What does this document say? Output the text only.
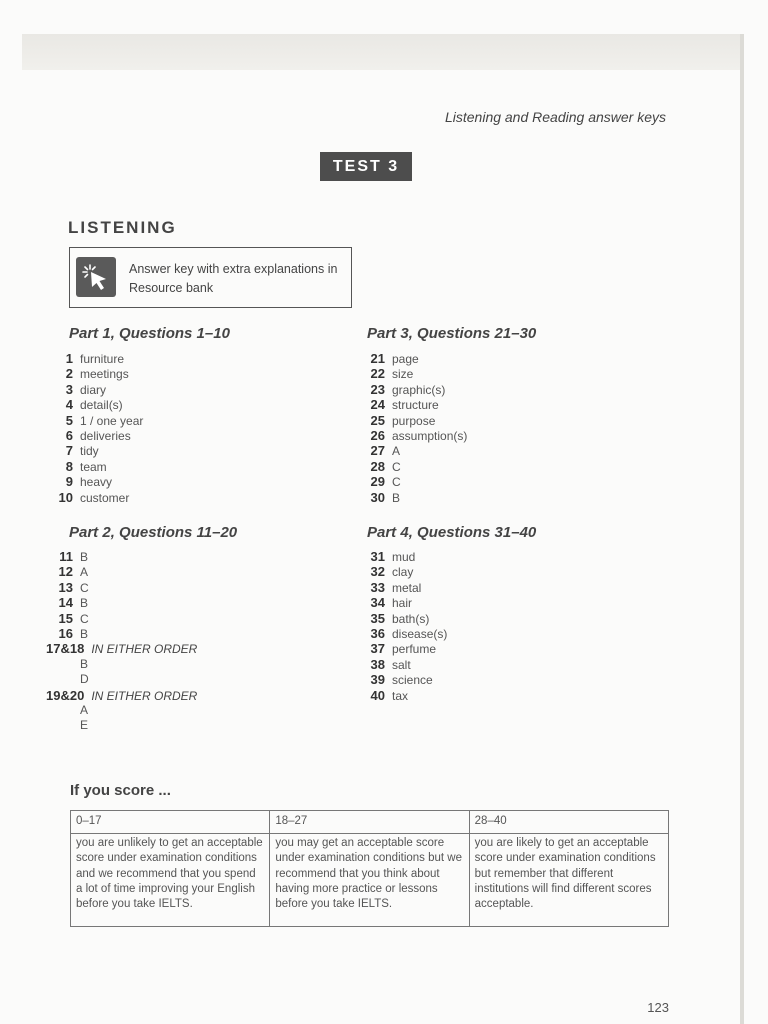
Listening and Reading answer keys
TEST 3
LISTENING
Answer key with extra explanations in Resource bank
Part 1, Questions 1–10
1 furniture
2 meetings
3 diary
4 detail(s)
5 1 / one year
6 deliveries
7 tidy
8 team
9 heavy
10 customer
Part 2, Questions 11–20
11 B
12 A
13 C
14 B
15 C
16 B
17&18 IN EITHER ORDER
B
D
19&20 IN EITHER ORDER
A
E
Part 3, Questions 21–30
21 page
22 size
23 graphic(s)
24 structure
25 purpose
26 assumption(s)
27 A
28 C
29 C
30 B
Part 4, Questions 31–40
31 mud
32 clay
33 metal
34 hair
35 bath(s)
36 disease(s)
37 perfume
38 salt
39 science
40 tax
If you score ...
0–17	18–27	28–40
you are unlikely to get an acceptable score under examination conditions and we recommend that you spend a lot of time improving your English before you take IELTS.	you may get an acceptable score under examination conditions but we recommend that you think about having more practice or lessons before you take IELTS.	you are likely to get an acceptable score under examination conditions but remember that different institutions will find different scores acceptable.
123
